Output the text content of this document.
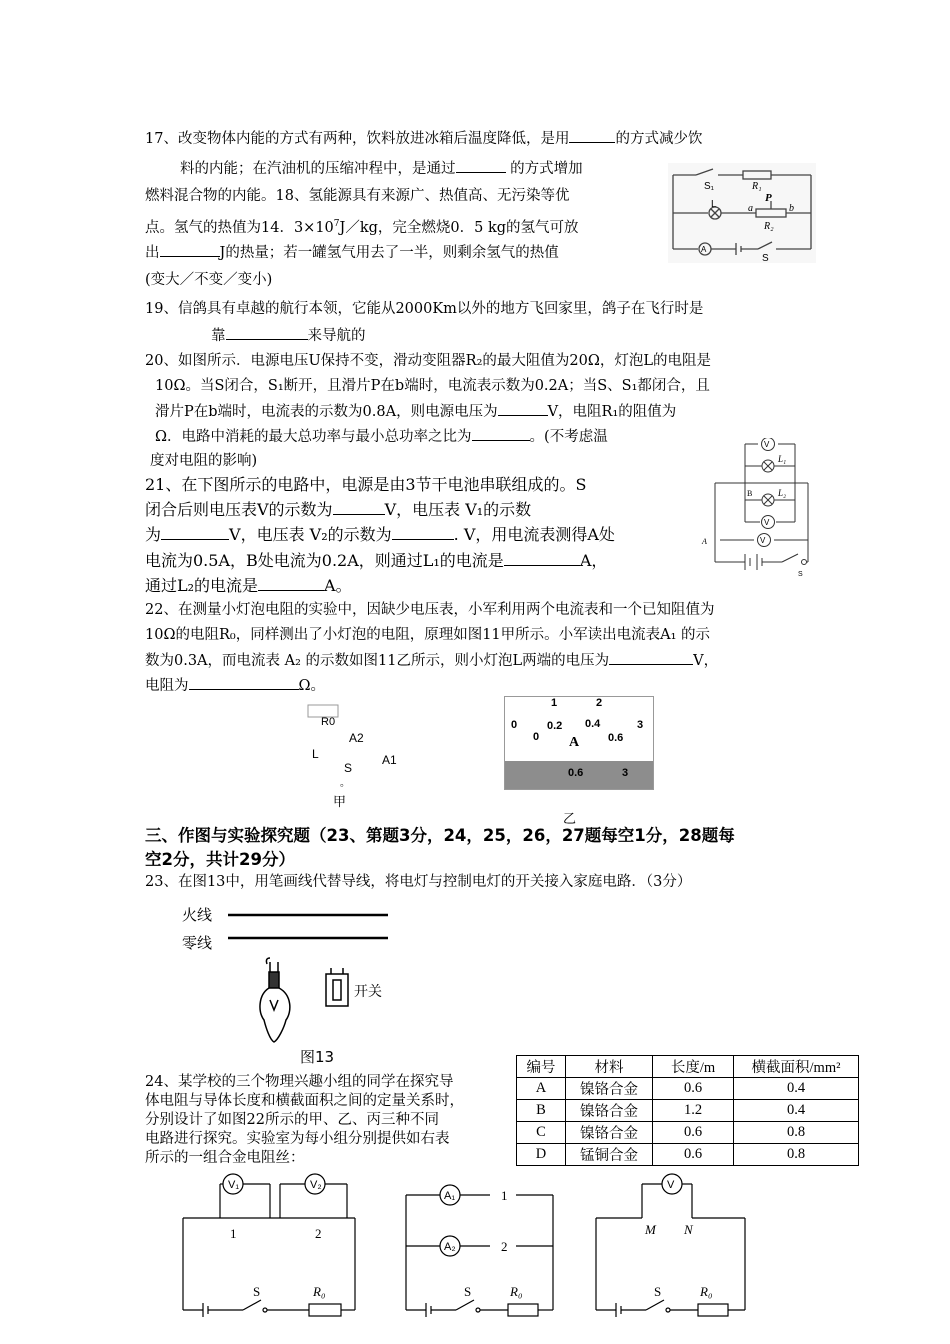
17、改变物体内能的方式有两种，饮料放进冰箱后温度降低，是用	的方式减少饮
料的内能；在汽油机的压缩冲程中，是通过	的方式增加
燃料混合物的内能。18、氢能源具有来源广、热值高、无污染等优
点。氢气的热值为14．$3\times 10^7J/kg$，完全燃烧0．5 kg的氢气可放
出	J的热量；若一罐氢气用去了一半，则剩余氢气的热值
(变大／不变／变小)
S₁	R₁
L	a
P
b
R₂
A
S
19、信鸽具有卓越的航行本领，它能从2000Km以外的地方飞回家里，鸽子在飞行时是
靠	来导航的
20、如图所示．电源电压U保持不变，滑动变阻器R₂的最大阻值为20Ω，灯泡L的电阻是
10Ω。当S闭合，S₁断开，且滑片P在b端时，电流表示数为0.2A；当S、S₁都闭合，且
滑片P在b端时，电流表的示数为0.8A，则电源电压为	V，电阻R₁的阻值为
Ω．电路中消耗的最大总功率与最小总功率之比为	。(不考虑温
度对电阻的影响)
V
L₁
B	L₂
V
A	V
S
21、在下图所示的电路中，电源是由3节干电池串联组成的。S
闭合后则电压表V的示数为	V，电压表 V₁的示数
为	V，电压表 V₂的示数为	. V，用电流表测得A处
电流为0.5A，B处电流为0.2A，则通过L₁的电流是	A，
通过L₂的电流是	A。
22、在测量小灯泡电阻的实验中，因缺少电压表，小军利用两个电流表和一个已知阻值为
10Ω的电阻R₀，同样测出了小灯泡的电阻，原理如图11甲所示。小军读出电流表A₁ 的示
数为0.3A，而电流表 A₂ 的示数如图11乙所示，则小灯泡L两端的电压为	V，
电阻为	Ω。
R0
A2
L	A1
S
。
甲
1	2
0	0.2 0.4	3
0	0.6
A
0.6	3
乙
三、作图与实验探究题（23、第题3分，24，25，26，27题每空1分，28题每
空2分，共计29分）
23、在图13中，用笔画线代替导线，将电灯与控制电灯的开关接入家庭电路．（3分）
火线
零线
开关
图13
24、某学校的三个物理兴趣小组的同学在探究导
体电阻与导体长度和横截面积之间的定量关系时，
分别设计了如图22所示的甲、乙、丙三种不同
电路进行探究。实验室为每小组分别提供如右表
所示的一组合金电阻丝：
编号	材料	长度/m	横截面积/mm²
A	镍铬合金	0.6	0.4
B	镍铬合金	1.2	0.4
C	镍铬合金	0.6	0.8
D	锰铜合金	0.6	0.8
V₁	V₂
1	2
S	R₀
A₁
A₂
1
2
S	R₀
V
M N
S	R₀
